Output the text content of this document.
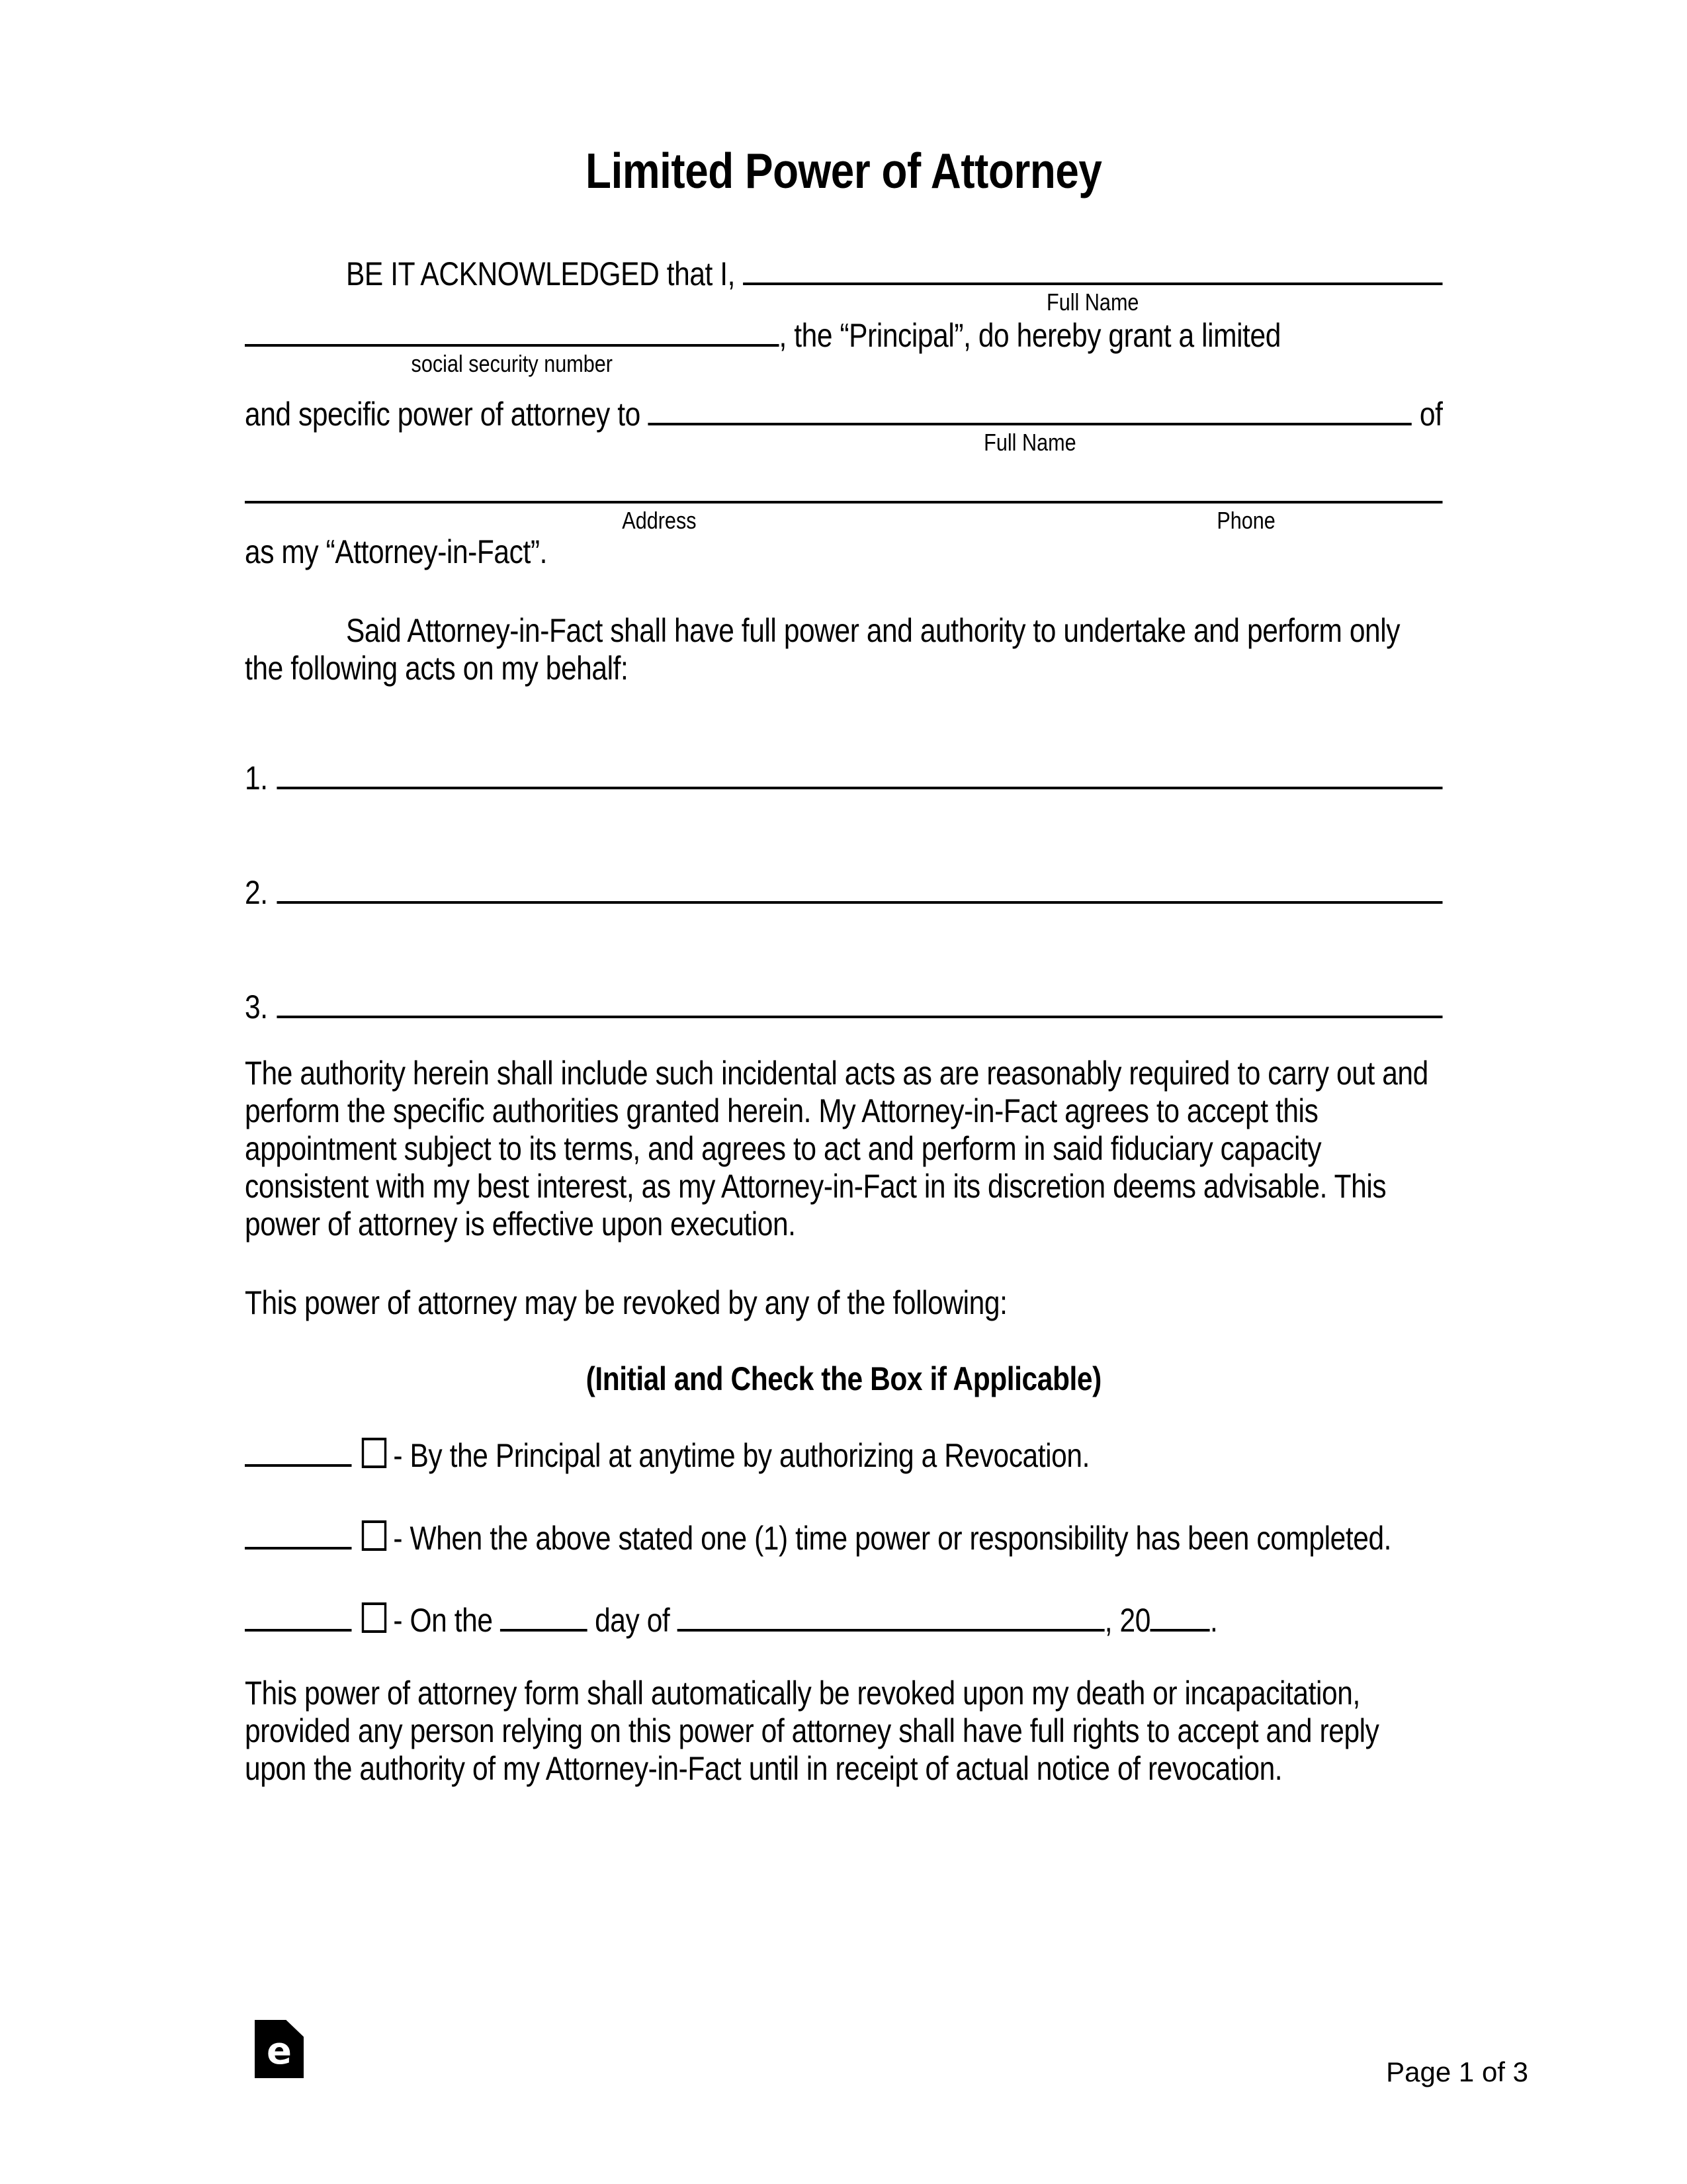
Limited Power of Attorney
BE IT ACKNOWLEDGED that I,
Full Name
social security number
, the “Principal”, do hereby grant a limited
and specific power of attorney to
Full Name
of
Address	Phone

as my “Attorney-in-Fact”.

Said Attorney-in-Fact shall have full power and authority to undertake and perform only the following acts on my behalf:

1.
2.
3.

The authority herein shall include such incidental acts as are reasonably required to carry out and perform the specific authorities granted herein. My Attorney-in-Fact agrees to accept this appointment subject to its terms, and agrees to act and perform in said fiduciary capacity consistent with my best interest, as my Attorney-in-Fact in its discretion deems advisable. This power of attorney is effective upon execution.

This power of attorney may be revoked by any of the following:

(Initial and Check the Box if Applicable)

- By the Principal at anytime by authorizing a Revocation.

- When the above stated one (1) time power or responsibility has been completed.

- On the	day of	, 20 .

This power of attorney form shall automatically be revoked upon my death or incapacitation, provided any person relying on this power of attorney shall have full rights to accept and reply upon the authority of my Attorney-in-Fact until in receipt of actual notice of revocation.

e	Page 1 of 3
